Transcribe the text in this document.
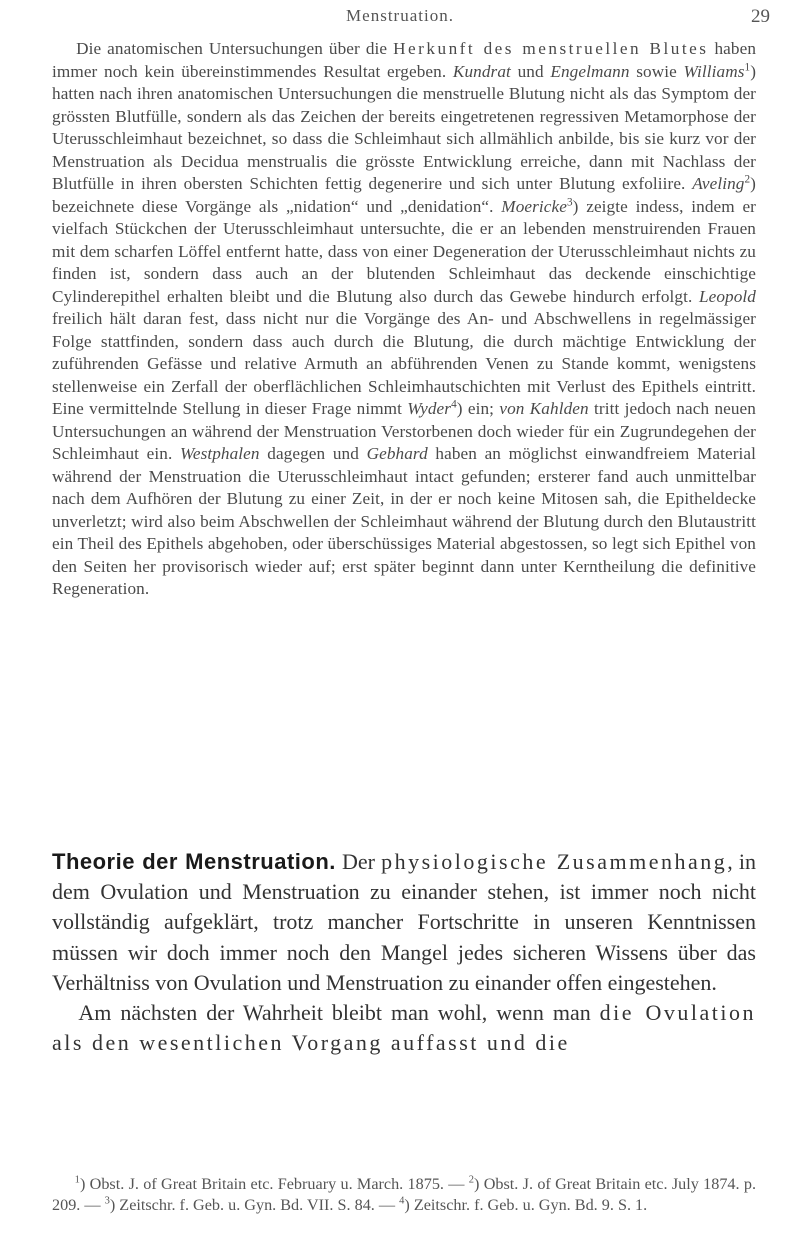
Menstruation.	29

Die anatomischen Untersuchungen über die Herkunft des menstruellen Blutes haben immer noch kein übereinstimmendes Resultat ergeben. Kundrat und Engelmann sowie Williams$^1$) hatten nach ihren anatomischen Untersuchungen die menstruelle Blutung nicht als das Symptom der grössten Blutfülle, sondern als das Zeichen der bereits eingetretenen regressiven Metamorphose der Uterusschleimhaut bezeichnet, so dass die Schleimhaut sich allmählich anbilde, bis sie kurz vor der Menstruation als Decidua menstrualis die grösste Entwicklung erreiche, dann mit Nachlass der Blutfülle in ihren obersten Schichten fettig degenerire und sich unter Blutung exfoliire. Aveling$^2$) bezeichnete diese Vorgänge als „nidation“ und „denidation“. Moericke$^3$) zeigte indess, indem er vielfach Stückchen der Uterusschleimhaut untersuchte, die er an lebenden menstruirenden Frauen mit dem scharfen Löffel entfernt hatte, dass von einer Degeneration der Uterusschleimhaut nichts zu finden ist, sondern dass auch an der blutenden Schleimhaut das deckende einschichtige Cylinderepithel erhalten bleibt und die Blutung also durch das Gewebe hindurch erfolgt. Leopold freilich hält daran fest, dass nicht nur die Vorgänge des An- und Abschwellens in regelmässiger Folge stattfinden, sondern dass auch durch die Blutung, die durch mächtige Entwicklung der zuführenden Gefässe und relative Armuth an abführenden Venen zu Stande kommt, wenigstens stellenweise ein Zerfall der oberflächlichen Schleimhautschichten mit Verlust des Epithels eintritt. Eine vermittelnde Stellung in dieser Frage nimmt Wyder$^4$) ein; von Kahlden tritt jedoch nach neuen Untersuchungen an während der Menstruation Verstorbenen doch wieder für ein Zugrundegehen der Schleimhaut ein. Westphalen dagegen und Gebhard haben an möglichst einwandfreiem Material während der Menstruation die Uterusschleimhaut intact gefunden; ersterer fand auch unmittelbar nach dem Aufhören der Blutung zu einer Zeit, in der er noch keine Mitosen sah, die Epitheldecke unverletzt; wird also beim Abschwellen der Schleimhaut während der Blutung durch den Blutaustritt ein Theil des Epithels abgehoben, oder überschüssiges Material abgestossen, so legt sich Epithel von den Seiten her provisorisch wieder auf; erst später beginnt dann unter Kerntheilung die definitive Regeneration.

Theorie der Menstruation. Der physiologische Zusammenhang, in dem Ovulation und Menstruation zu einander stehen, ist immer noch nicht vollständig aufgeklärt, trotz mancher Fortschritte in unseren Kenntnissen müssen wir doch immer noch den Mangel jedes sicheren Wissens über das Verhältniss von Ovulation und Menstruation zu einander offen eingestehen.

Am nächsten der Wahrheit bleibt man wohl, wenn man die Ovulation als den wesentlichen Vorgang auffasst und die

$^1$) Obst. J. of Great Britain etc. February u. March. 1875. — $^2$) Obst. J. of Great Britain etc. July 1874. p. 209. — $^3$) Zeitschr. f. Geb. u. Gyn. Bd. VII. S. 84. — $^4$) Zeitschr. f. Geb. u. Gyn. Bd. 9. S. 1.
